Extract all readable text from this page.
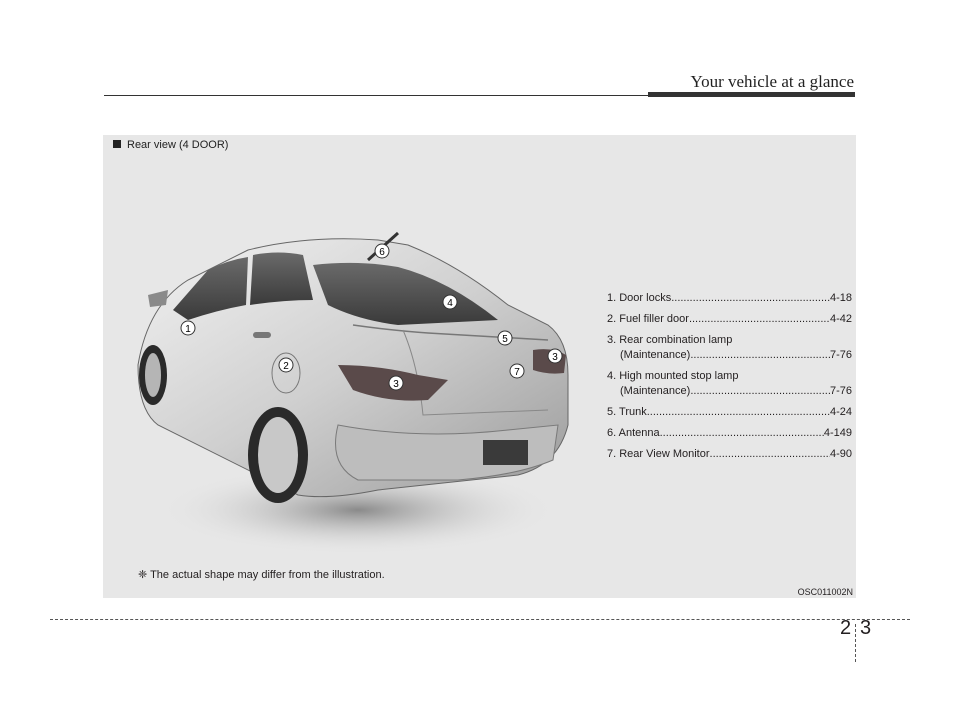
Your vehicle at a glance
Rear view (4 DOOR)
1
2
3
3
4
5
6
7
1. Door locks .....	4-18
2. Fuel filler door .....	4-42
3. Rear combination lamp
(Maintenance) .....	7-76
4. High mounted stop lamp
(Maintenance) .....	7-76
5. Trunk .....	4-24
6. Antenna .....	4-149
7. Rear View Monitor .....	4-90
❈ The actual shape may differ from the illustration.
OSC011002N
2 3
